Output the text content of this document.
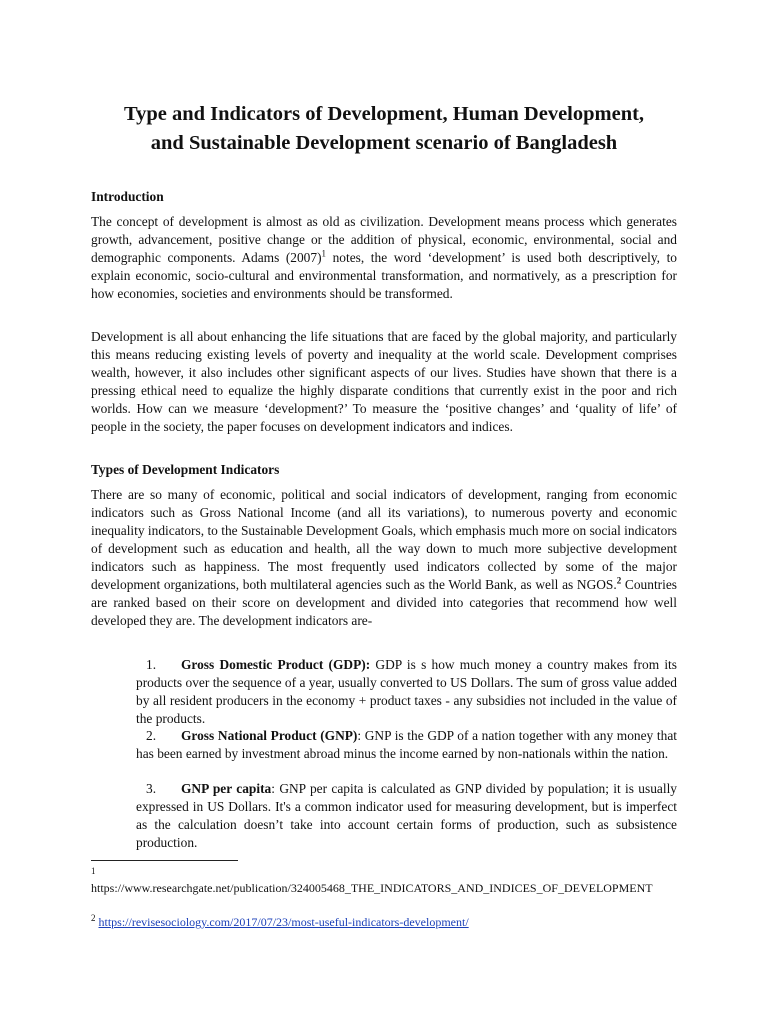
Type and Indicators of Development, Human Development,
and Sustainable Development scenario of Bangladesh
Introduction
The concept of development is almost as old as civilization. Development means process which generates growth, advancement, positive change or the addition of physical, economic, environmental, social and demographic components. Adams $(2007)^1$ notes, the word ‘development’ is used both descriptively, to explain economic, socio-cultural and environmental transformation, and normatively, as a prescription for how economies, societies and environments should be transformed.
Development is all about enhancing the life situations that are faced by the global majority, and particularly this means reducing existing levels of poverty and inequality at the world scale. Development comprises wealth, however, it also includes other significant aspects of our lives. Studies have shown that there is a pressing ethical need to equalize the highly disparate conditions that currently exist in the poor and rich worlds. How can we measure ‘development?’ To measure the ‘positive changes’ and ‘quality of life’ of people in the society, the paper focuses on development indicators and indices.
Types of Development Indicators
There are so many of economic, political and social indicators of development, ranging from economic indicators such as Gross National Income (and all its variations), to numerous poverty and economic inequality indicators, to the Sustainable Development Goals, which emphasis much more on social indicators of development such as education and health, all the way down to much more subjective development indicators such as happiness. The most frequently used indicators collected by some of the major development organizations, both multilateral agencies such as the World Bank, as well as NGOS.$^2$ Countries are ranked based on their score on development and divided into categories that recommend how well developed they are. The development indicators are-
1.	Gross Domestic Product (GDP): GDP is s how much money a country makes from its products over the sequence of a year, usually converted to US Dollars. The sum of gross value added by all resident producers in the economy + product taxes - any subsidies not included in the value of the products.
2.	Gross National Product (GNP): GNP is the GDP of a nation together with any money that has been earned by investment abroad minus the income earned by non-nationals within the nation.
3.	GNP per capita: GNP per capita is calculated as GNP divided by population; it is usually expressed in US Dollars. It's a common indicator used for measuring development, but is imperfect as the calculation doesn’t take into account certain forms of production, such as subsistence production.
1
https://www.researchgate.net/publication/324005468_THE_INDICATORS_AND_INDICES_OF_DEVELOPMENT
$^2$ https://revisesociology.com/2017/07/23/most-useful-indicators-development/
